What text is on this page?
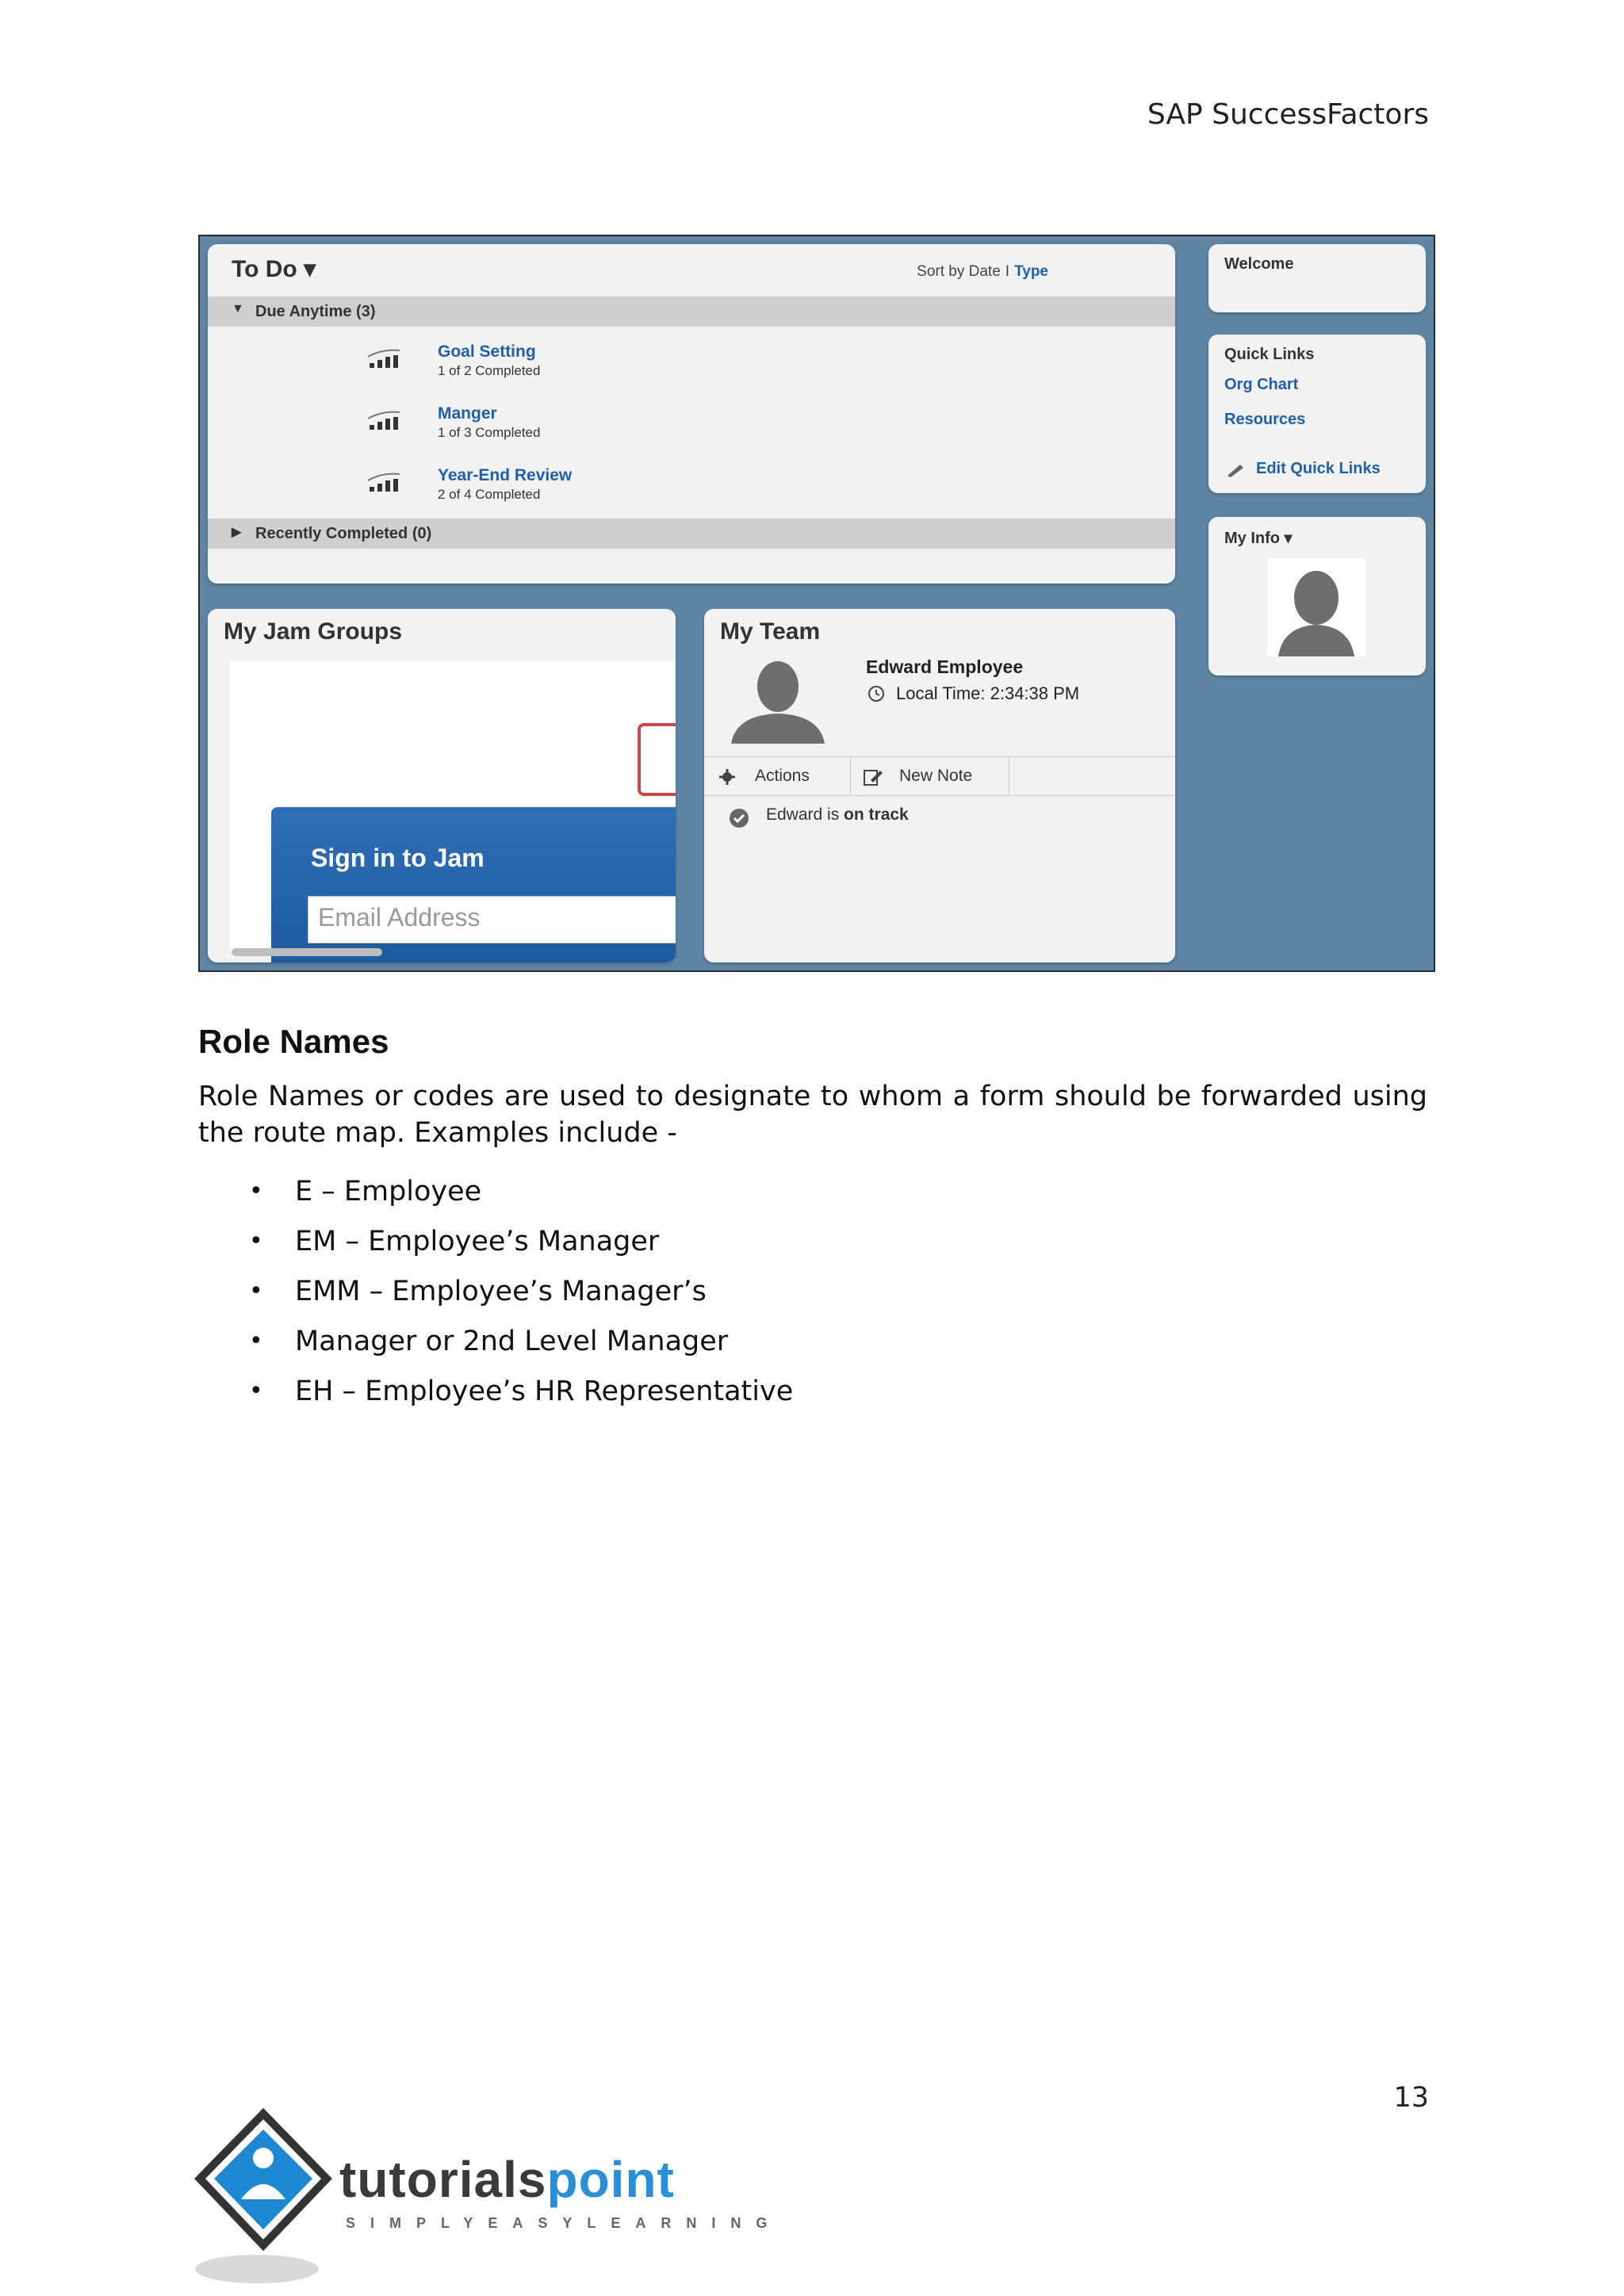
SAP SuccessFactors
To Do ▾	Sort by Date I Type
▼ Due Anytime (3)
Goal Setting
1 of 2 Completed
Manger
1 of 3 Completed
Year-End Review
2 of 4 Completed
▶ Recently Completed (0)
Welcome
Quick Links
Org Chart
Resources
Edit Quick Links
My Info ▾
My Jam Groups
Sign in to Jam
Email Address
My Team
Edward Employee
Local Time: 2:34:38 PM
Actions	New Note
Edward is on track
Role Names
Role Names or codes are used to designate to whom a form should be forwarded using the route map. Examples include -
• E – Employee
• EM – Employee’s Manager
• EMM – Employee’s Manager’s
• Manager or 2nd Level Manager
• EH – Employee’s HR Representative
13
tutorialspoint
SIMPLYEASYLEARNING
